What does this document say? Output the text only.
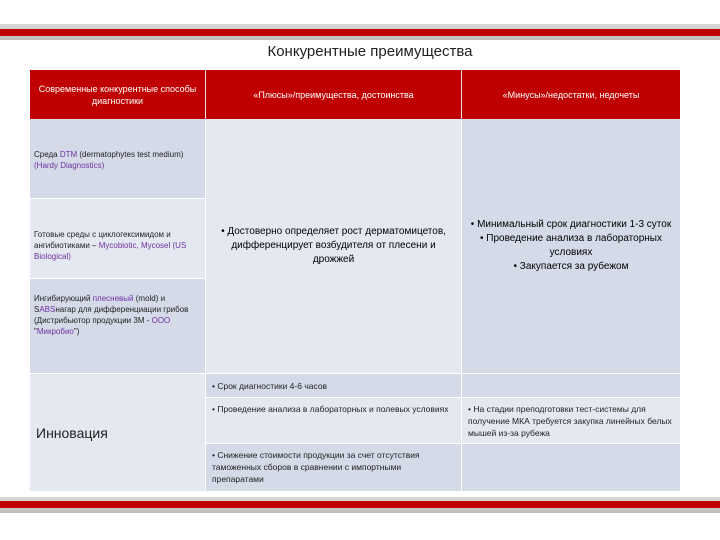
Конкурентные преимущества
Современные конкурентные способы диагностики
«Плюсы»/преимущества, достоинства	«Минусы»/недостатки, недочеты
Среда DTM (dermatophytes test medium) (Hardy Diagnostics)
Готовые среды с циклогексимидом и ангибиотиками – Mycobiotic, Mycosel (US Biological)
Ингибирующий плесневый (mold) и SABSнагар для дифференциации грибов (Дистрибьютор продукции 3M - ООО "Микробио")
• Достоверно определяет рост дерматомицетов, дифференцирует возбудителя от плесени и дрожжей
• Минимальный срок диагностики 1-3 суток
• Проведение анализа в лабораторных условиях
• Закупается за рубежом
Инновация
• Срок диагностики 4-6 часов
• Проведение анализа в лабораторных и полевых условиях	• На стадии преподготовки тест-системы для получение МКА требуется закупка линейных белых мышей из-за рубежа
• Снижение стоимости продукции за счет отсутствия таможенных сборов в сравнении с импортными препаратами
